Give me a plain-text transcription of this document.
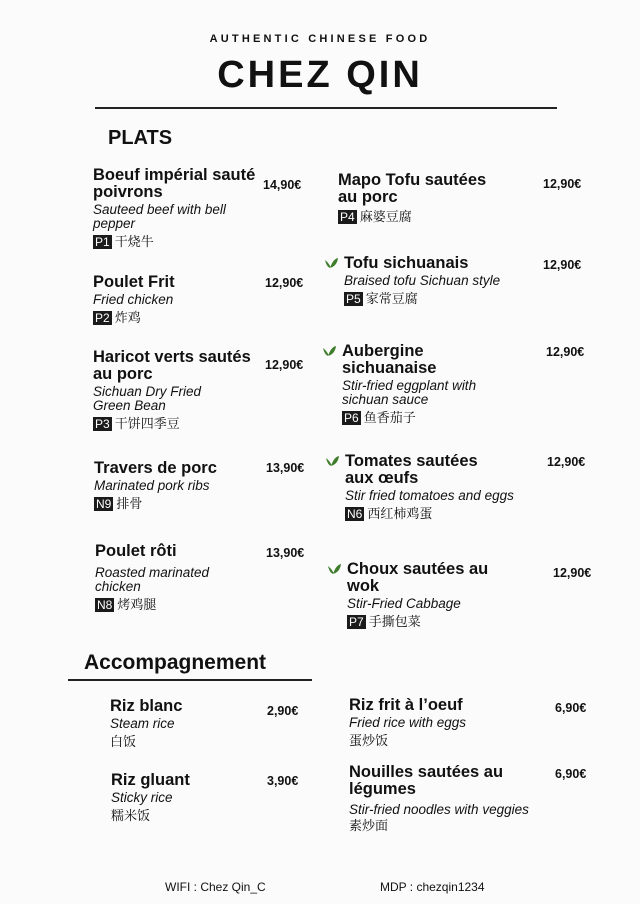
AUTHENTIC CHINESE FOOD
CHEZ QIN
PLATS
Boeuf impérial sauté poivrons
Sauteed beef with bell pepper
P1 干烧牛
14,90€
Poulet Frit
Fried chicken
P2 炸鸡
12,90€
Haricot verts sautés au porc
Sichuan Dry Fried Green Bean
P3 干饼四季豆
12,90€
Travers de porc
Marinated pork ribs
N9 排骨
13,90€
Poulet rôti
Roasted marinated chicken
N8 烤鸡腿
13,90€
Mapo Tofu sautées au porc
P4 麻婆豆腐
12,90€
Tofu sichuanais
Braised tofu Sichuan style
P5 家常豆腐
12,90€
Aubergine sichuanaise
Stir-fried eggplant with sichuan sauce
P6 鱼香茄子
12,90€
Tomates sautées aux œufs
Stir fried tomatoes and eggs
N6 西红柿鸡蛋
12,90€
Choux sautées au wok
Stir-Fried Cabbage
P7 手撕包菜
12,90€
Accompagnement
Riz blanc
Steam rice
白饭
2,90€
Riz gluant
Sticky rice
糯米饭
3,90€
Riz frit à l’oeuf
Fried rice with eggs
蛋炒饭
6,90€
Nouilles sautées au légumes
Stir-fried noodles with veggies
素炒面
6,90€
WIFI : Chez Qin_C	MDP : chezqin1234
